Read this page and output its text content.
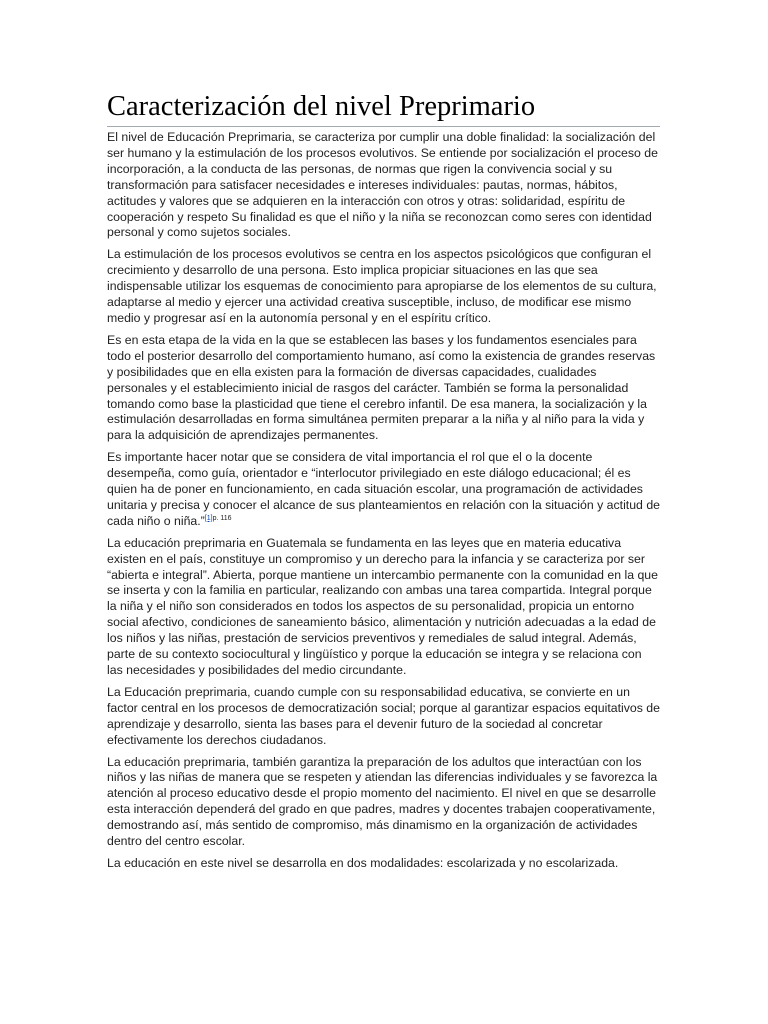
Caracterización del nivel Preprimario

El nivel de Educación Preprimaria, se caracteriza por cumplir una doble finalidad: la socialización del ser humano y la estimulación de los procesos evolutivos. Se entiende por socialización el proceso de incorporación, a la conducta de las personas, de normas que rigen la convivencia social y su transformación para satisfacer necesidades e intereses individuales: pautas, normas, hábitos, actitudes y valores que se adquieren en la interacción con otros y otras: solidaridad, espíritu de cooperación y respeto Su finalidad es que el niño y la niña se reconozcan como seres con identidad personal y como sujetos sociales.

La estimulación de los procesos evolutivos se centra en los aspectos psicológicos que configuran el crecimiento y desarrollo de una persona. Esto implica propiciar situaciones en las que sea indispensable utilizar los esquemas de conocimiento para apropiarse de los elementos de su cultura, adaptarse al medio y ejercer una actividad creativa susceptible, incluso, de modificar ese mismo medio y progresar así en la autonomía personal y en el espíritu crítico.

Es en esta etapa de la vida en la que se establecen las bases y los fundamentos esenciales para todo el posterior desarrollo del comportamiento humano, así como la existencia de grandes reservas y posibilidades que en ella existen para la formación de diversas capacidades, cualidades personales y el establecimiento inicial de rasgos del carácter. También se forma la personalidad tomando como base la plasticidad que tiene el cerebro infantil. De esa manera, la socialización y la estimulación desarrolladas en forma simultánea permiten preparar a la niña y al niño para la vida y para la adquisición de aprendizajes permanentes.

Es importante hacer notar que se considera de vital importancia el rol que el o la docente desempeña, como guía, orientador e “interlocutor privilegiado en este diálogo educacional; él es quien ha de poner en funcionamiento, en cada situación escolar, una programación de actividades unitaria y precisa y conocer el alcance de sus planteamientos en relación con la situación y actitud de cada niño o niña.”$^{[1]p. 116}$

La educación preprimaria en Guatemala se fundamenta en las leyes que en materia educativa existen en el país, constituye un compromiso y un derecho para la infancia y se caracteriza por ser “abierta e integral”. Abierta, porque mantiene un intercambio permanente con la comunidad en la que se inserta y con la familia en particular, realizando con ambas una tarea compartida. Integral porque la niña y el niño son considerados en todos los aspectos de su personalidad, propicia un entorno social afectivo, condiciones de saneamiento básico, alimentación y nutrición adecuadas a la edad de los niños y las niñas, prestación de servicios preventivos y remediales de salud integral. Además, parte de su contexto sociocultural y lingüístico y porque la educación se integra y se relaciona con las necesidades y posibilidades del medio circundante.

La Educación preprimaria, cuando cumple con su responsabilidad educativa, se convierte en un factor central en los procesos de democratización social; porque al garantizar espacios equitativos de aprendizaje y desarrollo, sienta las bases para el devenir futuro de la sociedad al concretar efectivamente los derechos ciudadanos.

La educación preprimaria, también garantiza la preparación de los adultos que interactúan con los niños y las niñas de manera que se respeten y atiendan las diferencias individuales y se favorezca la atención al proceso educativo desde el propio momento del nacimiento. El nivel en que se desarrolle esta interacción dependerá del grado en que padres, madres y docentes trabajen cooperativamente, demostrando así, más sentido de compromiso, más dinamismo en la organización de actividades dentro del centro escolar.

La educación en este nivel se desarrolla en dos modalidades: escolarizada y no escolarizada.
